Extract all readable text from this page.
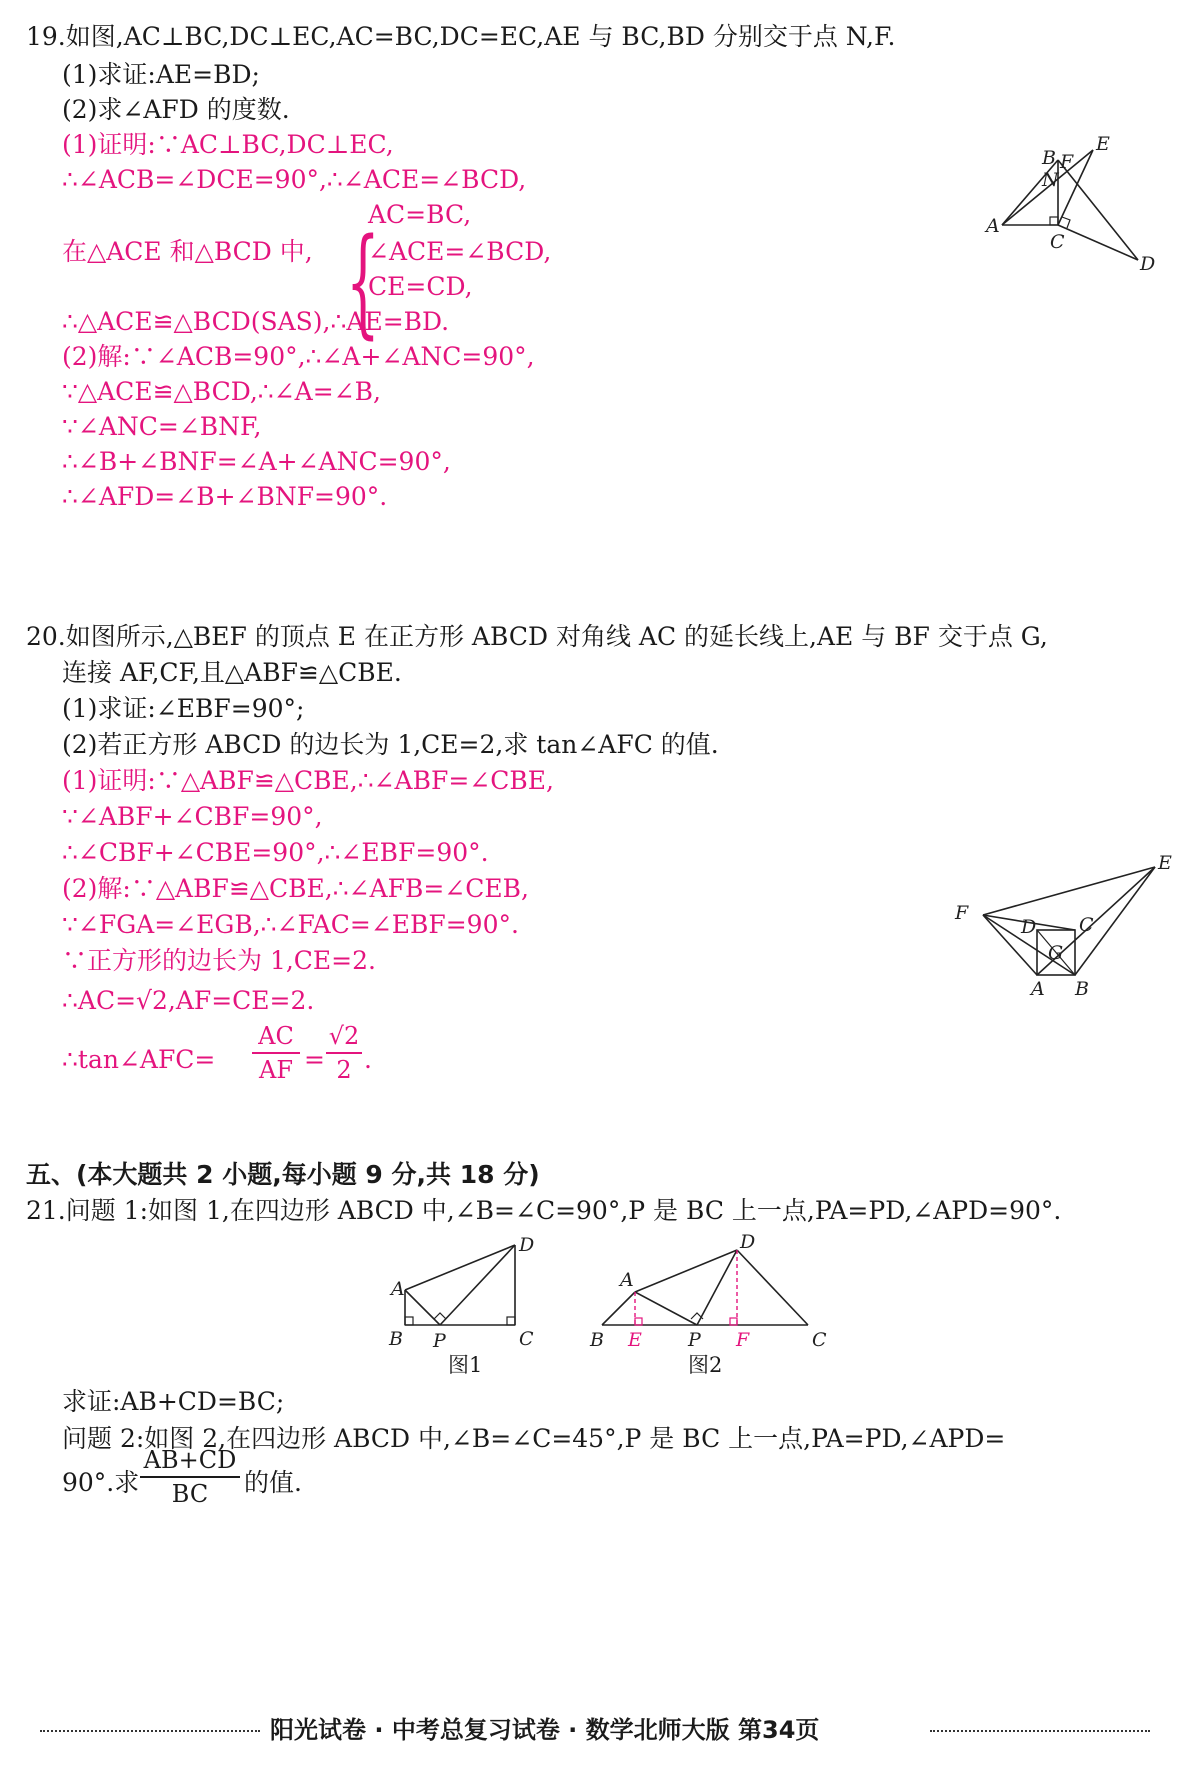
19.如图,AC⊥BC,DC⊥EC,AC=BC,DC=EC,AE 与 BC,BD 分别交于点 N,F.
(1)求证:AE=BD;
(2)求∠AFD 的度数.
(1)证明:∵AC⊥BC,DC⊥EC,
∴∠ACB=∠DCE=90°,∴∠ACE=∠BCD,
在△ACE 和△BCD 中, {
AC=BC,
∠ACE=∠BCD,
CE=CD,
∴△ACE≌△BCD(SAS),∴AE=BD.
(2)解:∵∠ACB=90°,∴∠A+∠ANC=90°,
∵△ACE≌△BCD,∴∠A=∠B,
∵∠ANC=∠BNF,
∴∠B+∠BNF=∠A+∠ANC=90°,
∴∠AFD=∠B+∠BNF=90°.
A
B F
N
E
C
D
20.如图所示,△BEF 的顶点 E 在正方形 ABCD 对角线 AC 的延长线上,AE 与 BF 交于点 G,
连接 AF,CF,且△ABF≌△CBE.
(1)求证:∠EBF=90°;
(2)若正方形 ABCD 的边长为 1,CE=2,求 tan∠AFC 的值.
(1)证明:∵△ABF≌△CBE,∴∠ABF=∠CBE,
∵∠ABF+∠CBF=90°,
∴∠CBF+∠CBE=90°,∴∠EBF=90°.
(2)解:∵△ABF≌△CBE,∴∠AFB=∠CEB,
∵∠FGA=∠EGB,∴∠FAC=∠EBF=90°.
∵正方形的边长为 1,CE=2.
∴AC=√2,AF=CE=2.
∴tan∠AFC=
AC
AF =
√2
2 .
F
E
D C
G
A B
五、(本大题共 2 小题,每小题 9 分,共 18 分)
21.问题 1:如图 1,在四边形 ABCD 中,∠B=∠C=90°,P 是 BC 上一点,PA=PD,∠APD=90°.
A
B P	C
D
图1
A
D
B E P F	C
图2
求证:AB+CD=BC;
问题 2:如图 2,在四边形 ABCD 中,∠B=∠C=45°,P 是 BC 上一点,PA=PD,∠APD=
90°.求
AB+CD
BC	的值.
阳光试卷 · 中考总复习试卷 · 数学北师大版 第34页
